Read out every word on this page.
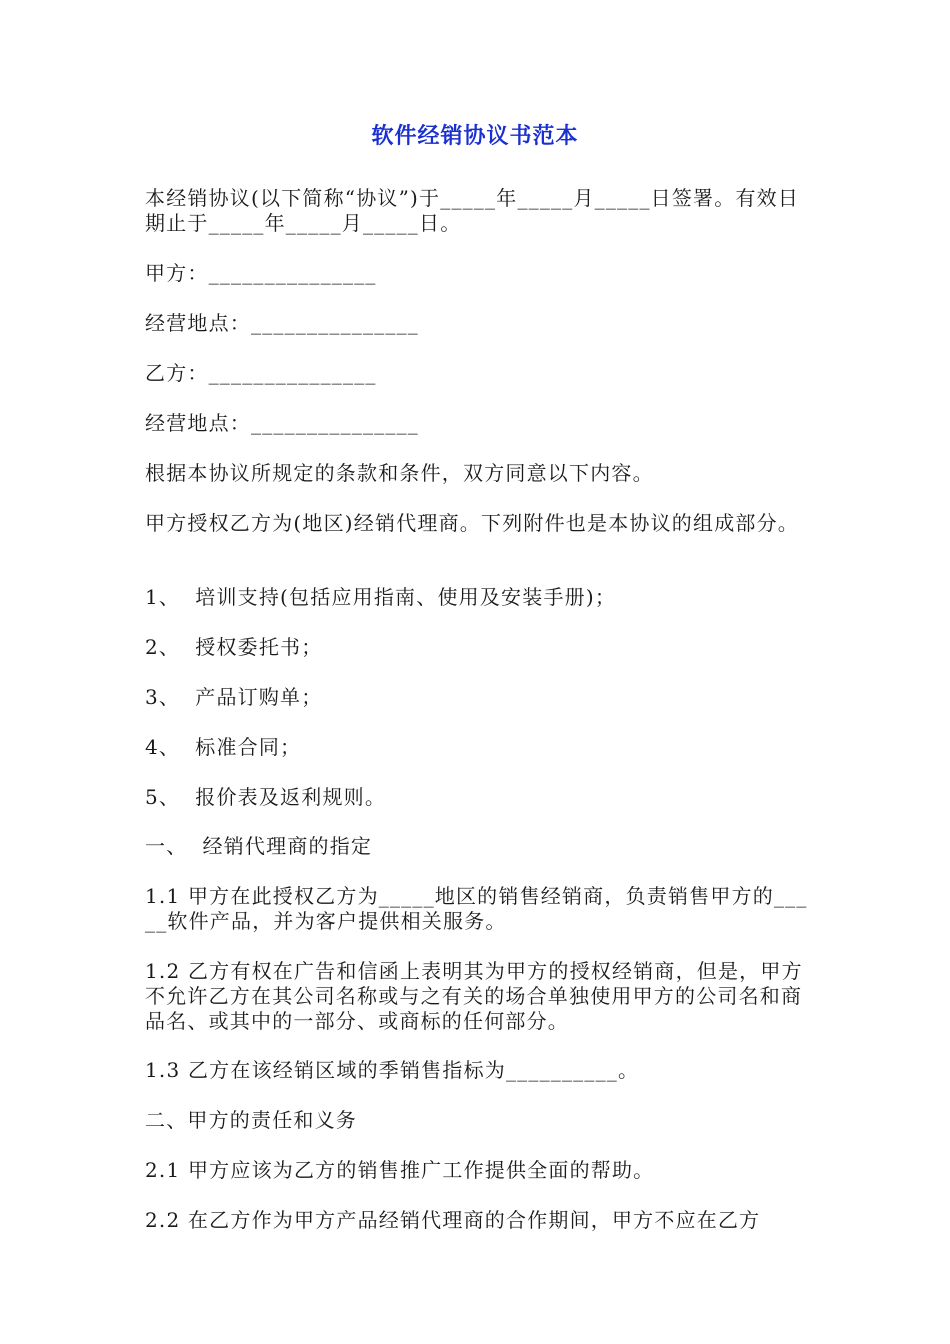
软件经销协议书范本
本经销协议(以下简称“协议”)于_____年_____月_____日签署。有效日期止于_____年_____月_____日。
甲方：_______________
经营地点：_______________
乙方：_______________
经营地点：_______________
根据本协议所规定的条款和条件，双方同意以下内容。
甲方授权乙方为(地区)经销代理商。下列附件也是本协议的组成部分。
1、  培训支持(包括应用指南、使用及安装手册)；
2、  授权委托书；
3、  产品订购单；
4、  标准合同；
5、  报价表及返利规则。
一、  经销代理商的指定
1.1 甲方在此授权乙方为_____地区的销售经销商，负责销售甲方的_____软件产品，并为客户提供相关服务。
1.2 乙方有权在广告和信函上表明其为甲方的授权经销商，但是，甲方不允许乙方在其公司名称或与之有关的场合单独使用甲方的公司名和商品名、或其中的一部分、或商标的任何部分。
1.3 乙方在该经销区域的季销售指标为__________。
二、甲方的责任和义务
2.1 甲方应该为乙方的销售推广工作提供全面的帮助。
2.2 在乙方作为甲方产品经销代理商的合作期间，甲方不应在乙方
